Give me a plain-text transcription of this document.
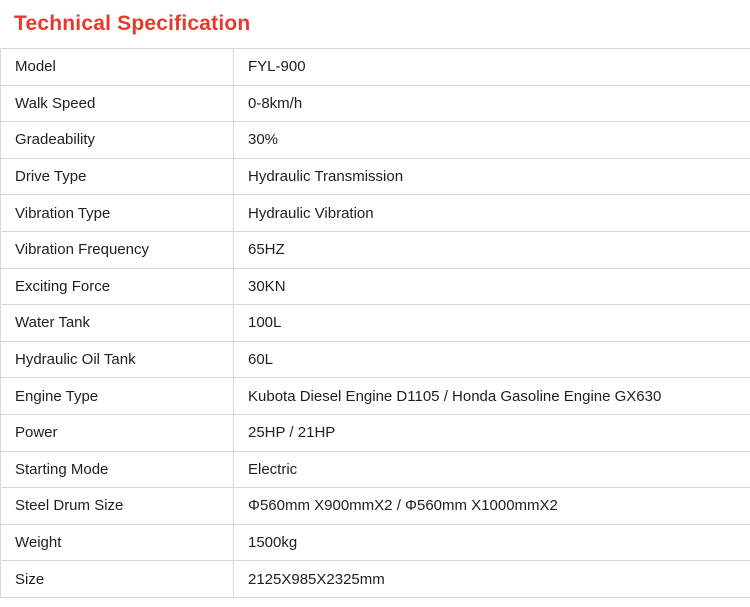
Technical Specification
Model	FYL-900
Walk Speed	0-8km/h
Gradeability	30%
Drive Type	Hydraulic Transmission
Vibration Type	Hydraulic Vibration
Vibration Frequency	65HZ
Exciting Force	30KN
Water Tank	100L
Hydraulic Oil Tank	60L
Engine Type	Kubota Diesel Engine D1105 / Honda Gasoline Engine GX630
Power	25HP / 21HP
Starting Mode	Electric
Steel Drum Size	Φ560mm X900mmX2 / Φ560mm X1000mmX2
Weight	1500kg
Size	2125X985X2325mm
